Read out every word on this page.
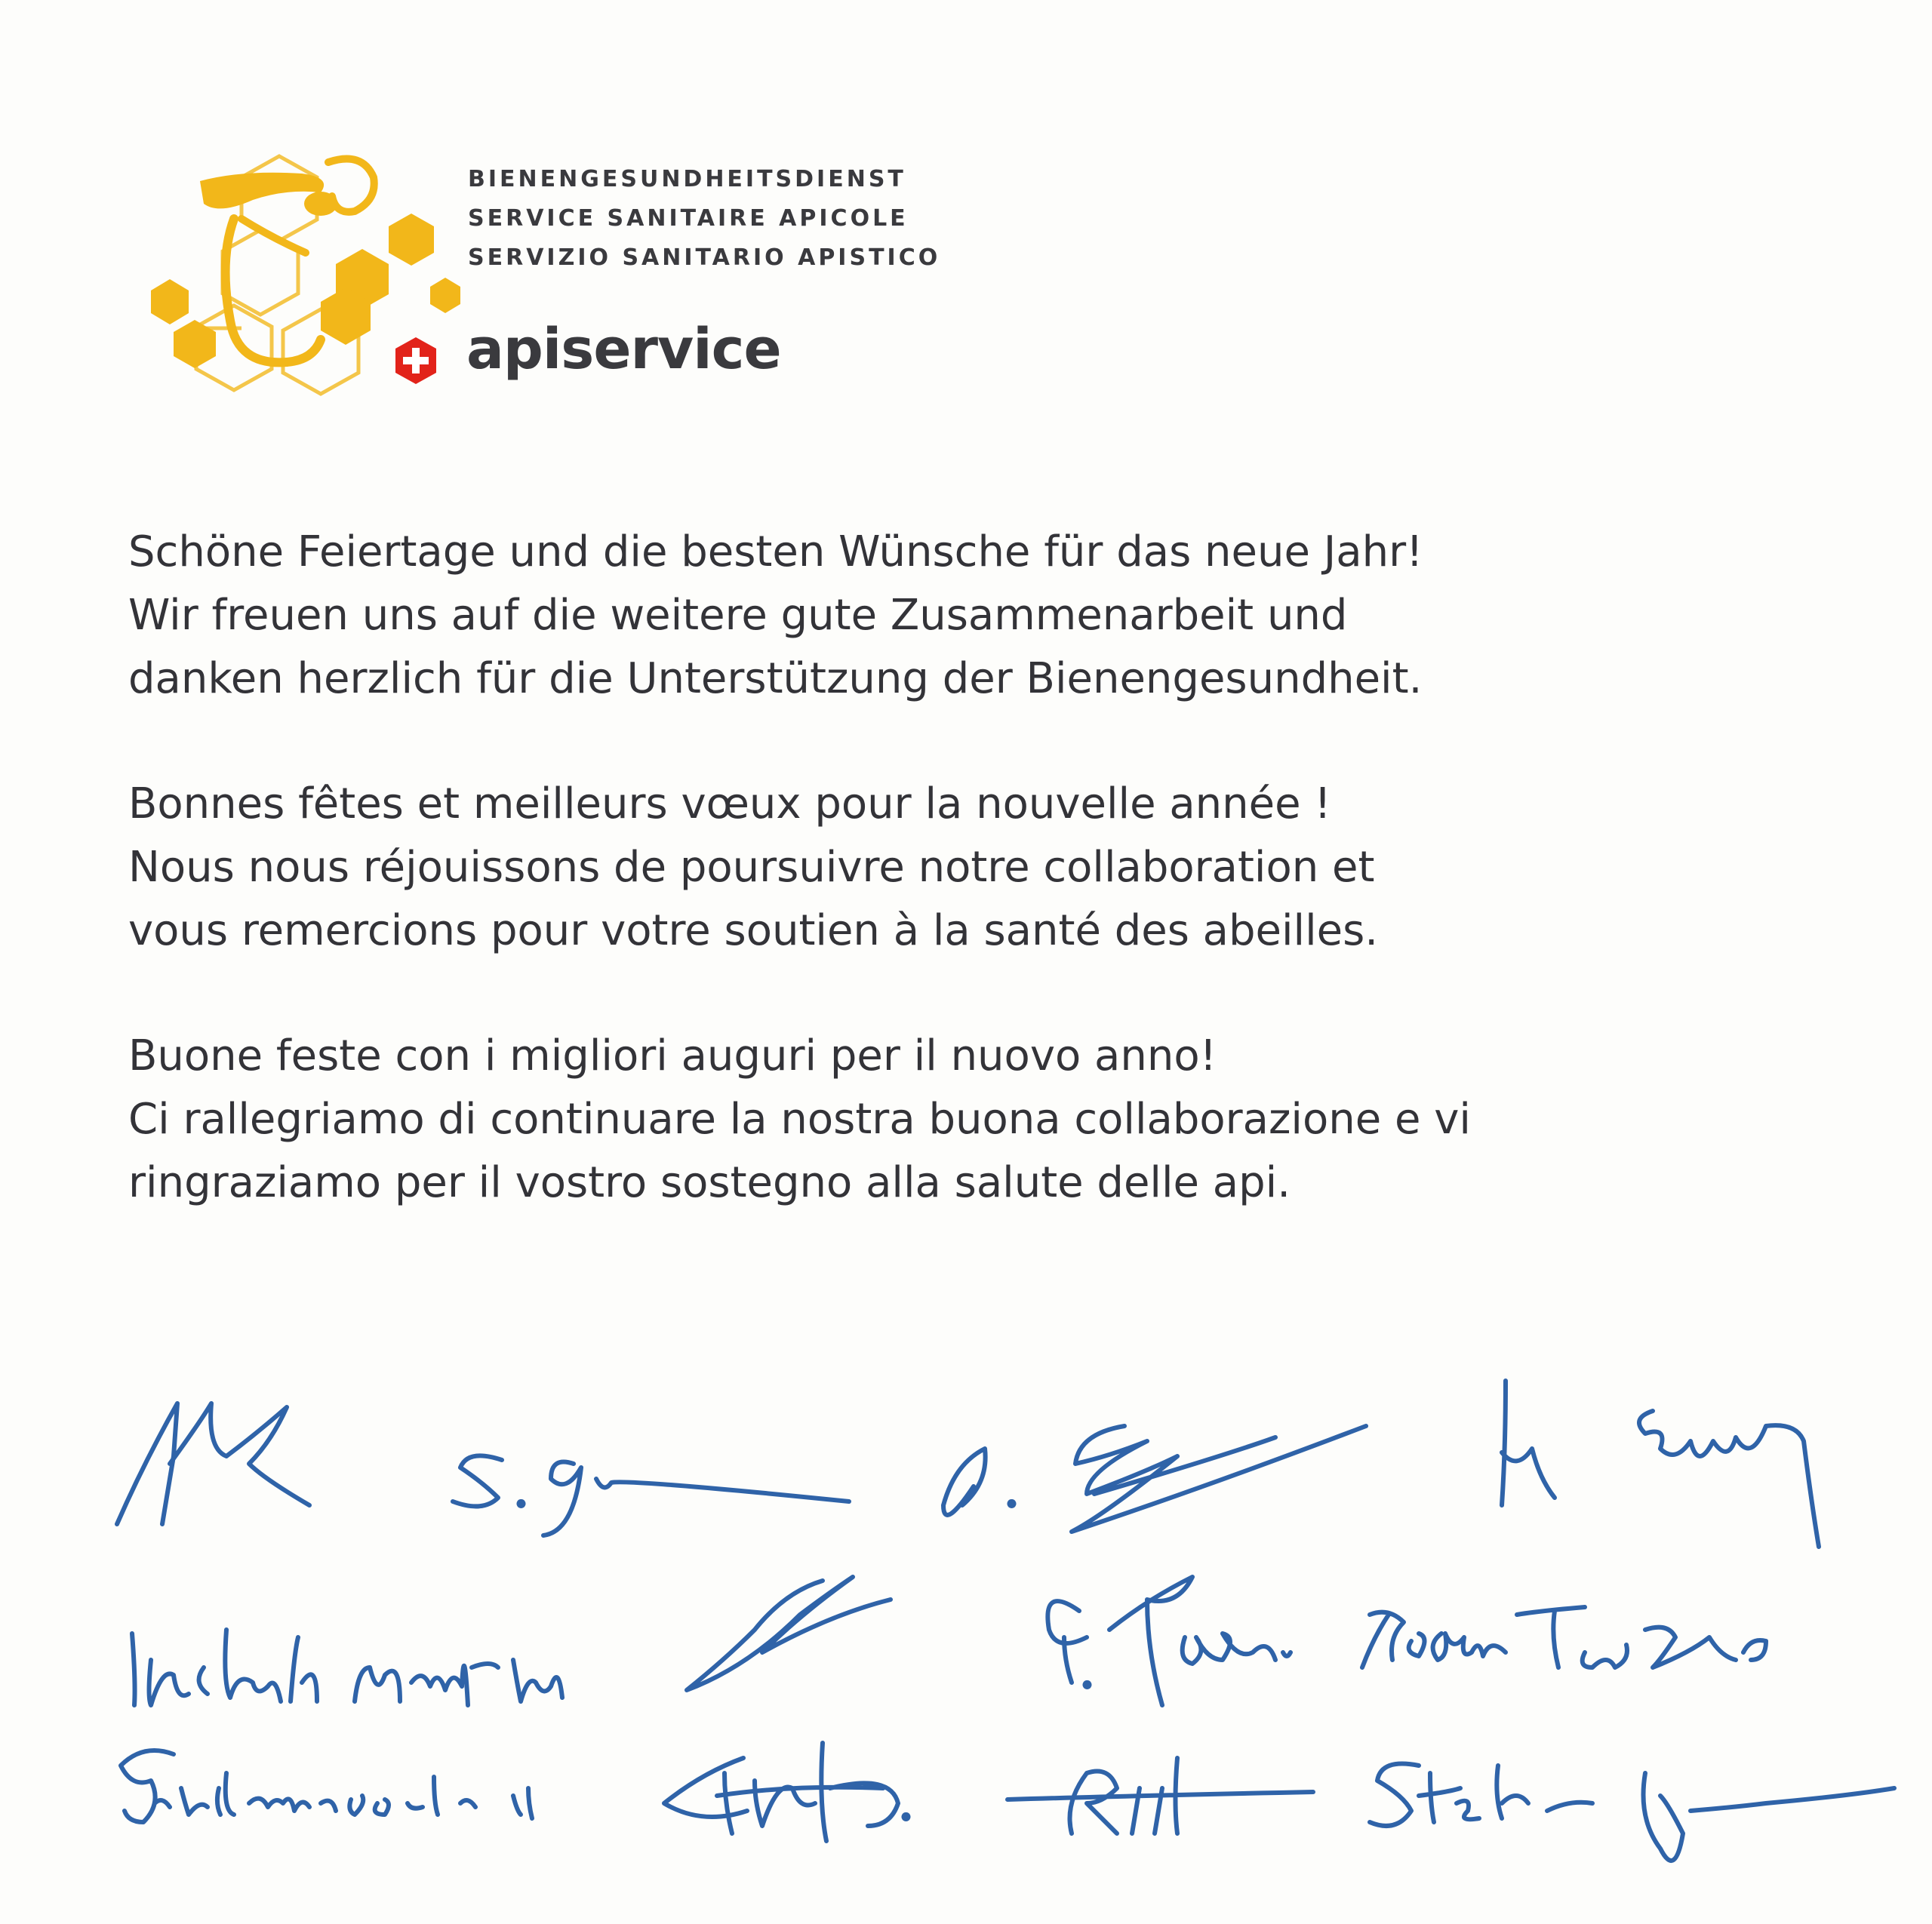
BIENENGESUNDHEITSDIENST
SERVICE SANITAIRE APICOLE
SERVIZIO SANITARIO APISTICO
apiservice
Schöne Feiertage und die besten Wünsche für das neue Jahr!
Wir freuen uns auf die weitere gute Zusammenarbeit und
danken herzlich für die Unterstützung der Bienengesundheit.
Bonnes fêtes et meilleurs vœux pour la nouvelle année !
Nous nous réjouissons de poursuivre notre collaboration et
vous remercions pour votre soutien à la santé des abeilles.
Buone feste con i migliori auguri per il nuovo anno!
Ci rallegriamo di continuare la nostra buona collaborazione e vi
ringraziamo per il vostro sostegno alla salute delle api.
